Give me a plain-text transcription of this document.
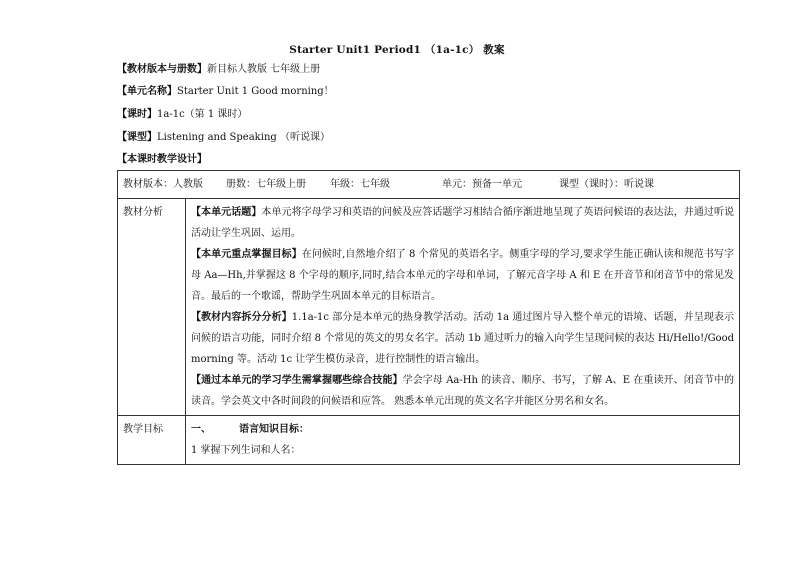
Starter Unit1 Period1 （1a-1c） 教案
【教材版本与册数】新目标人教版 七年级上册
【单元名称】Starter Unit 1 Good morning！
【课时】1a-1c（第 1 课时）
【课型】Listening and Speaking （听说课）
【本课时教学设计】
教材版本：人教版 册数：七年级上册 年级：七年级 单元：预备一单元 课型（课时）：听说课	

教材分析	【本单元话题】本单元将字母学习和英语的问候及应答话题学习相结合循序渐进地呈现了英语问候语的表达法，并通过听说活动让学生巩固、运用。

【本单元重点掌握目标】在问候时,自然地介绍了 8 个常见的英语名字。侧重字母的学习,要求学生能正确认读和规范书写字母 Aa—Hh,并掌握这 8 个字母的顺序,同时,结合本单元的字母和单词，了解元音字母 A 和 E 在开音节和闭音节中的常见发音。最后的一个歌谣，帮助学生巩固本单元的目标语言。

【教材内容拆分分析】1.1a-1c 部分是本单元的热身教学活动。活动 1a 通过图片导入整个单元的语境、话题，并呈现表示问候的语言功能，同时介绍 8 个常见的英文的男女名字。活动 1b 通过听力的输入向学生呈现问候的表达 Hi/Hello!/Good morning 等。活动 1c 让学生模仿录音，进行控制性的语言输出。

【通过本单元的学习学生需掌握哪些综合技能】学会字母 Aa-Hh 的读音、顺序、书写，了解 A、E 在重读开、闭音节中的读音。学会英文中各时间段的问候语和应答。 熟悉本单元出现的英文名字并能区分男名和女名。

教学目标	一、 语言知识目标：
1 掌握下列生词和人名：
